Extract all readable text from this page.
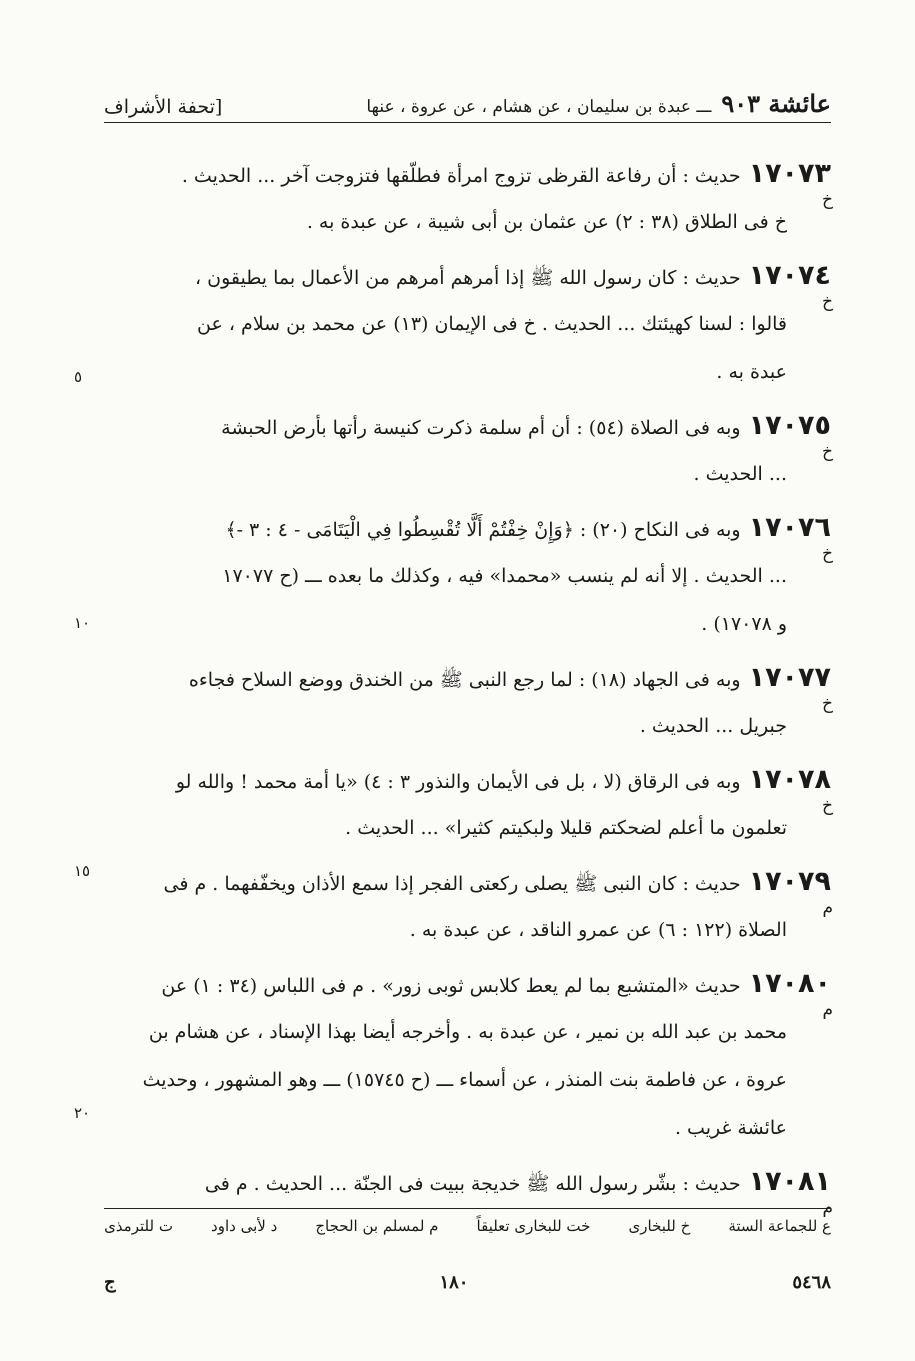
عائشة ٩٠٣
ـــ عبدة بن سليمان ، عن هشام ، عن عروة ، عنها
[تحفة الأشراف
١٧٠٧٣حديث : أن رفاعة القرظى تزوج امرأة فطلّقها فتزوجت آخر ... الحديث .
خ فى الطلاق (٣٨ : ٢) عن عثمان بن أبى شيبة ، عن عبدة به .
خ
١٧٠٧٤حديث : كان رسول الله ﷺ إذا أمرهم أمرهم من الأعمال بما يطيقون ،
قالوا : لسنا كهيئتك ... الحديث . خ فى الإيمان (١٣) عن محمد بن سلام ، عن
عبدة به .
خ
١٧٠٧٥وبه فى الصلاة (٥٤) : أن أم سلمة ذكرت كنيسة رأتها بأرض الحبشة
... الحديث .
خ
١٧٠٧٦وبه فى النكاح (٢٠) : ﴿وَإِنْ خِفْتُمْ أَلَّا تُقْسِطُوا فِي الْيَتَامَى - ٤ : ٣ -﴾
... الحديث . إلا أنه لم ينسب «محمدا» فيه ، وكذلك ما بعده ـــ (ح ١٧٠٧٧
و ١٧٠٧٨) .
خ
١٧٠٧٧وبه فى الجهاد (١٨) : لما رجع النبى ﷺ من الخندق ووضع السلاح فجاءه
جبريل ... الحديث .
خ
١٧٠٧٨وبه فى الرقاق (لا ، بل فى الأيمان والنذور ٣ : ٤) «يا أمة محمد ! والله لو
تعلمون ما أعلم لضحكتم قليلا ولبكيتم كثيرا» ... الحديث .
خ
١٧٠٧٩حديث : كان النبى ﷺ يصلى ركعتى الفجر إذا سمع الأذان ويخفّفهما . م فى
الصلاة (١٢٢ : ٦) عن عمرو الناقد ، عن عبدة به .
م
١٧٠٨٠حديث «المتشبع بما لم يعط كلابس ثوبى زور» . م فى اللباس (٣٤ : ١) عن
محمد بن عبد الله بن نمير ، عن عبدة به . وأخرجه أيضا بهذا الإسناد ، عن هشام بن
عروة ، عن فاطمة بنت المنذر ، عن أسماء ـــ (ح ١٥٧٤٥) ـــ وهو المشهور ، وحديث
عائشة غريب .
م
١٧٠٨١حديث : بشّر رسول الله ﷺ خديجة ببيت فى الجنّة ... الحديث . م فى
م
٥
١٠
١٥
٢٠
ع للجماعة الستة
خ للبخارى
خت للبخارى تعليقاً
م لمسلم بن الحجاج
د لأبى داود
ت للترمذى
٥٤٦٨
١٨٠
ج
